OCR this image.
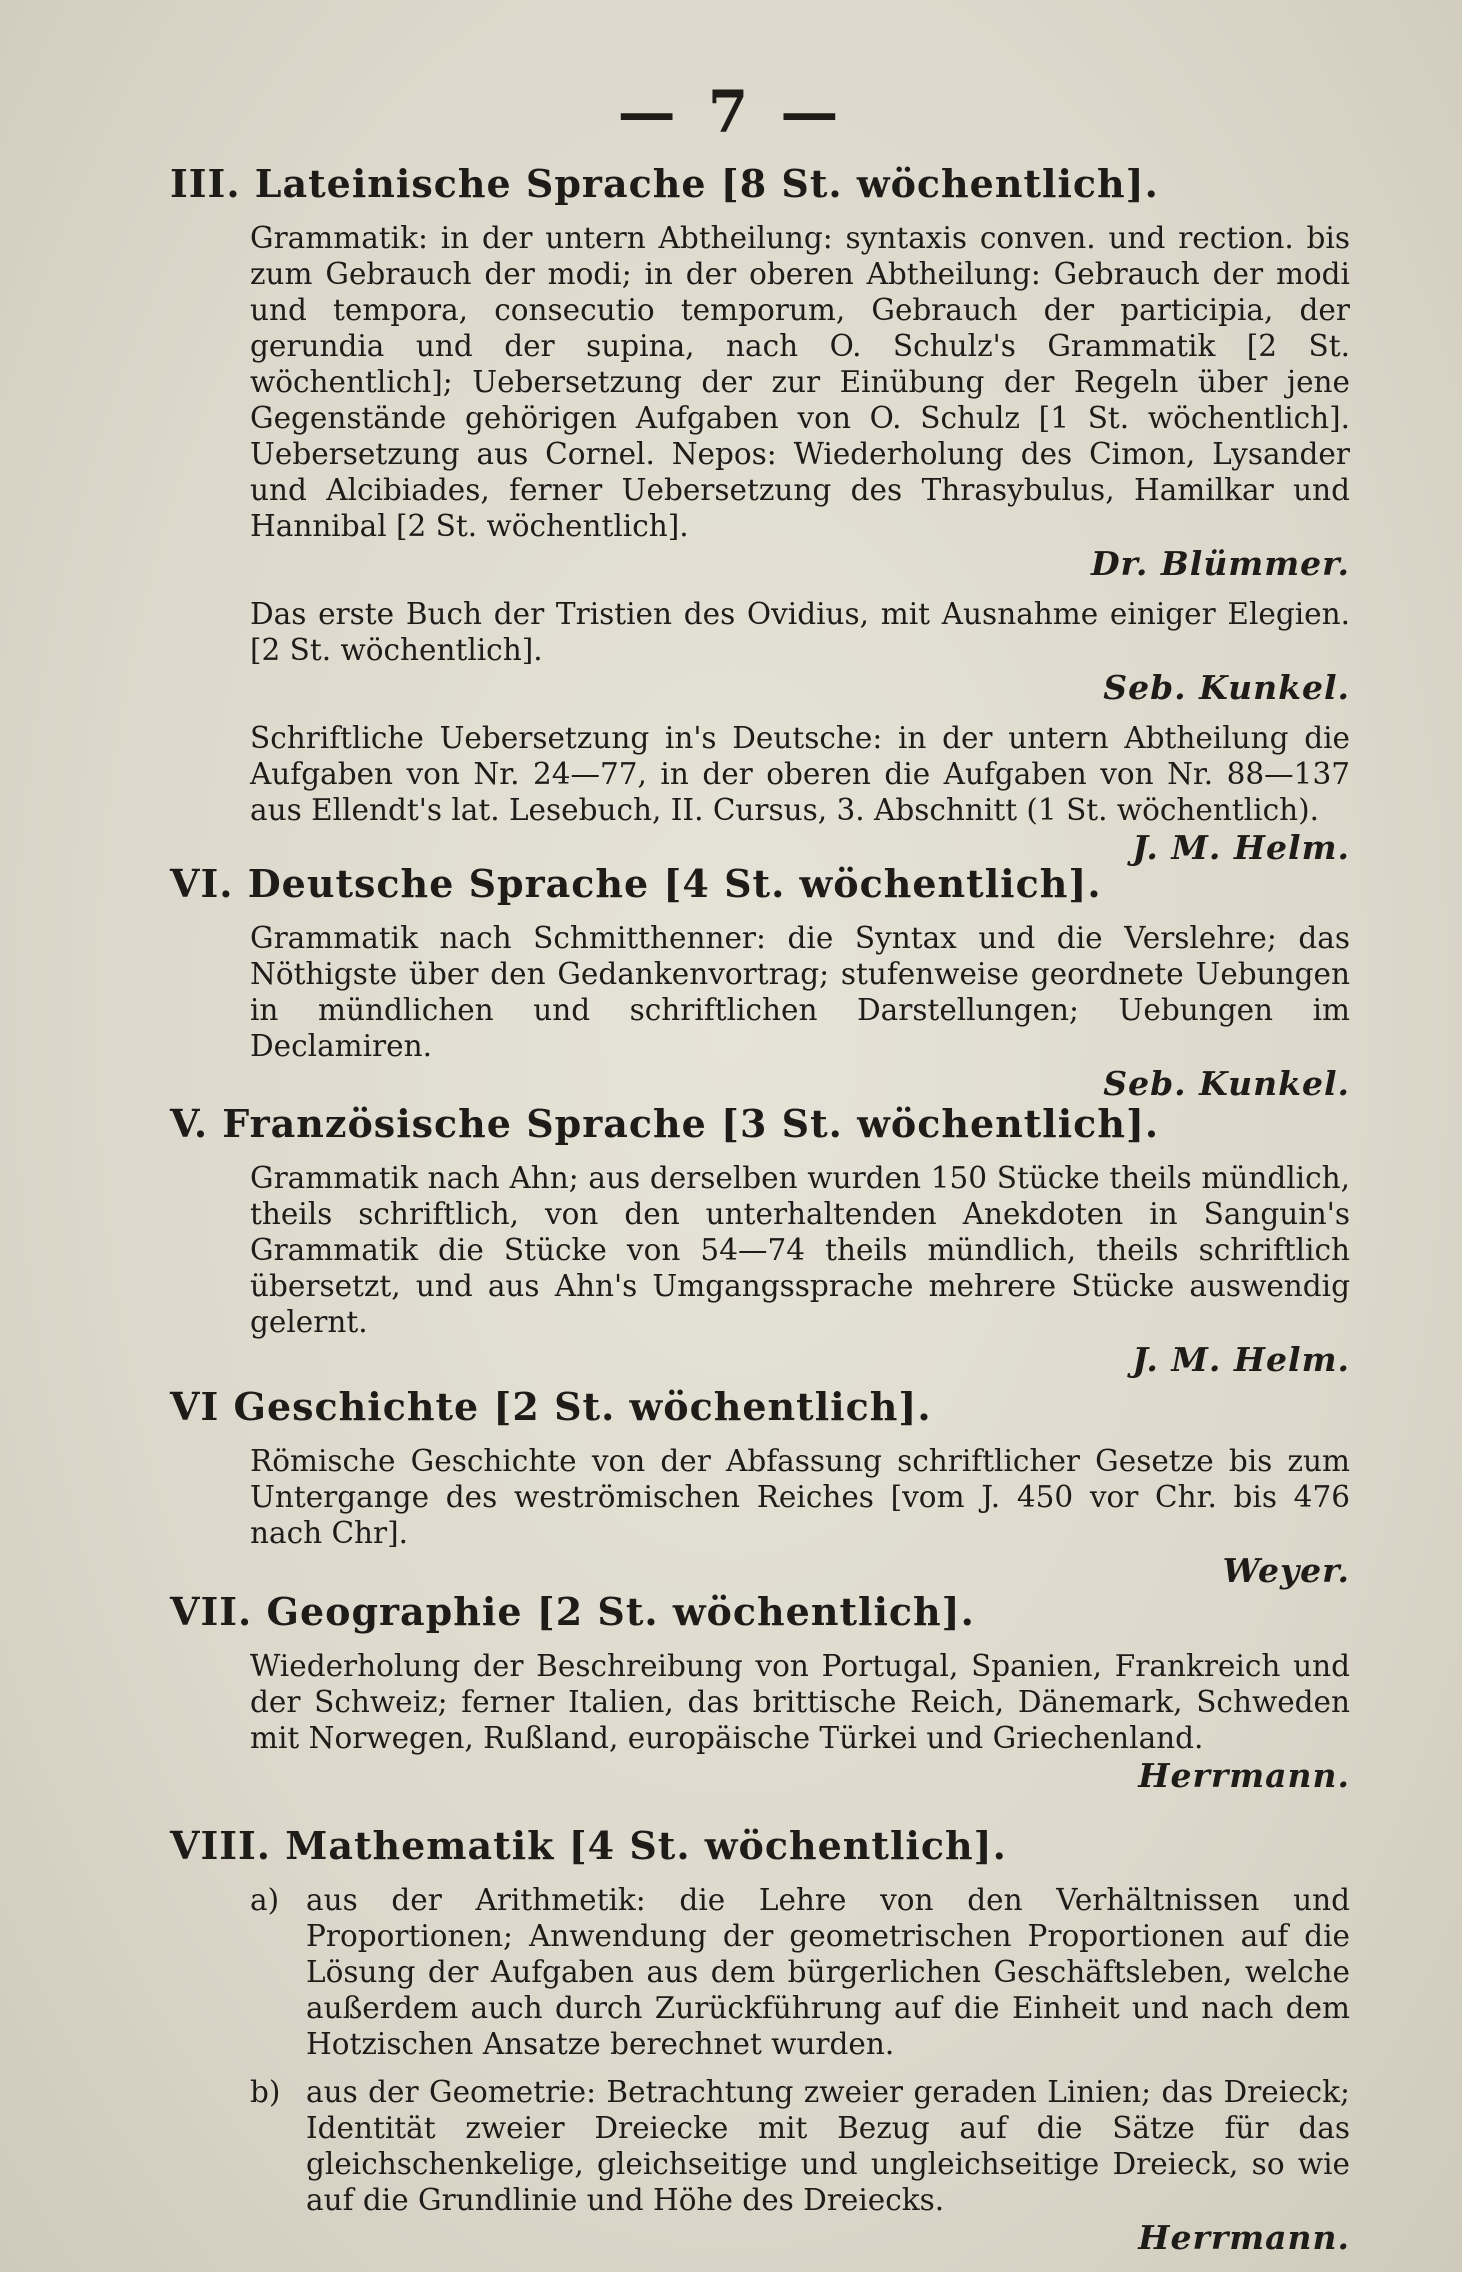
— 7 —
III. Lateinische Sprache [8 St. wöchentlich].
Grammatik: in der untern Abtheilung: syntaxis conven. und rection. bis zum Gebrauch der modi; in der oberen Abtheilung: Gebrauch der modi und tempora, consecutio temporum, Gebrauch der participia, der gerundia und der supina, nach O. Schulz's Grammatik [2 St. wöchentlich]; Uebersetzung der zur Einübung der Regeln über jene Gegenstände gehörigen Aufgaben von O. Schulz [1 St. wöchentlich]. Uebersetzung aus Cornel. Nepos: Wiederholung des Cimon, Lysander und Alcibiades, ferner Uebersetzung des Thrasybulus, Hamilkar und Hannibal [2 St. wöchentlich].
Dr. Blümmer.
Das erste Buch der Tristien des Ovidius, mit Ausnahme einiger Elegien. [2 St. wöchentlich].
Seb. Kunkel.
Schriftliche Uebersetzung in's Deutsche: in der untern Abtheilung die Aufgaben von Nr. 24—77, in der oberen die Aufgaben von Nr. 88—137 aus Ellendt's lat. Lesebuch, II. Cursus, 3. Abschnitt (1 St. wöchentlich).
J. M. Helm.
VI. Deutsche Sprache [4 St. wöchentlich].
Grammatik nach Schmitthenner: die Syntax und die Verslehre; das Nöthigste über den Gedankenvortrag; stufenweise geordnete Uebungen in mündlichen und schriftlichen Darstellungen; Uebungen im Declamiren.
Seb. Kunkel.
V. Französische Sprache [3 St. wöchentlich].
Grammatik nach Ahn; aus derselben wurden 150 Stücke theils mündlich, theils schriftlich, von den unterhaltenden Anekdoten in Sanguin's Grammatik die Stücke von 54—74 theils mündlich, theils schriftlich übersetzt, und aus Ahn's Umgangssprache mehrere Stücke auswendig gelernt.
J. M. Helm.
VI Geschichte [2 St. wöchentlich].
Römische Geschichte von der Abfassung schriftlicher Gesetze bis zum Untergange des weströmischen Reiches [vom J. 450 vor Chr. bis 476 nach Chr].
Weyer.
VII. Geographie [2 St. wöchentlich].
Wiederholung der Beschreibung von Portugal, Spanien, Frankreich und der Schweiz; ferner Italien, das brittische Reich, Dänemark, Schweden mit Norwegen, Rußland, europäische Türkei und Griechenland.
Herrmann.
VIII. Mathematik [4 St. wöchentlich].
a) aus der Arithmetik: die Lehre von den Verhältnissen und Proportionen; Anwendung der geometrischen Proportionen auf die Lösung der Aufgaben aus dem bürgerlichen Geschäftsleben, welche außerdem auch durch Zurückführung auf die Einheit und nach dem Hotzischen Ansatze berechnet wurden.
b) aus der Geometrie: Betrachtung zweier geraden Linien; das Dreieck; Identität zweier Dreiecke mit Bezug auf die Sätze für das gleichschenkelige, gleichseitige und ungleichseitige Dreieck, so wie auf die Grundlinie und Höhe des Dreiecks.
Herrmann.
